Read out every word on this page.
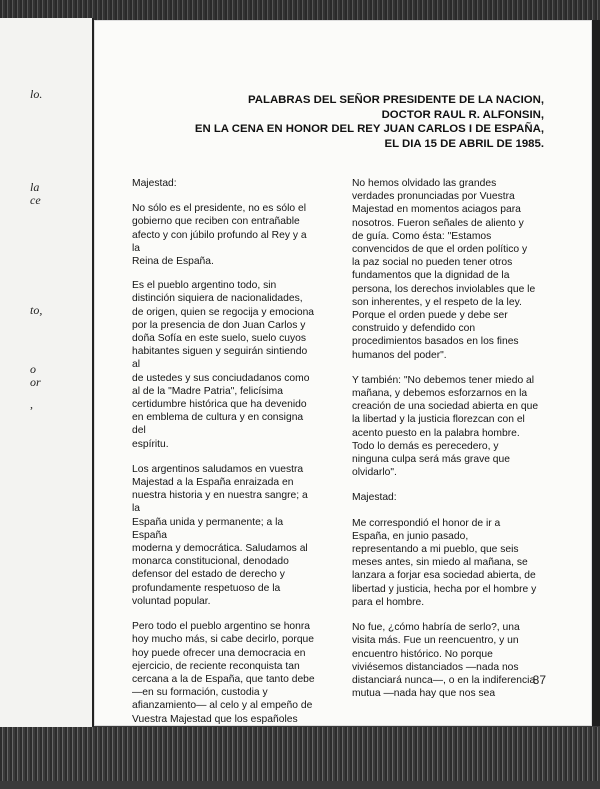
lo.
la
ce
to,
o
or
,
PALABRAS DEL SEÑOR PRESIDENTE DE LA NACION,
DOCTOR RAUL R. ALFONSIN,
EN LA CENA EN HONOR DEL REY JUAN CARLOS I DE ESPAÑA,
EL DIA 15 DE ABRIL DE 1985.

Majestad:

No sólo es el presidente, no es sólo el
gobierno que reciben con entrañable
afecto y con júbilo profundo al Rey y a la
Reina de España.

Es el pueblo argentino todo, sin
distinción siquiera de nacionalidades,
de origen, quien se regocija y emociona
por la presencia de don Juan Carlos y
doña Sofía en este suelo, suelo cuyos
habitantes siguen y seguirán sintiendo al
de ustedes y sus conciudadanos como
al de la "Madre Patria", felicísima
certidumbre histórica que ha devenido
en emblema de cultura y en consigna del
espíritu.

Los argentinos saludamos en vuestra
Majestad a la España enraizada en
nuestra historia y en nuestra sangre; a la
España unida y permanente; a la España
moderna y democrática. Saludamos al
monarca constitucional, denodado
defensor del estado de derecho y
profundamente respetuoso de la
voluntad popular.

Pero todo el pueblo argentino se honra
hoy mucho más, si cabe decirlo, porque
hoy puede ofrecer una democracia en
ejercicio, de reciente reconquista tan
cercana a la de España, que tanto debe
—en su formación, custodia y
afianzamiento— al celo y al empeño de
Vuestra Majestad que los españoles

No hemos olvidado las grandes
verdades pronunciadas por Vuestra
Majestad en momentos aciagos para
nosotros. Fueron señales de aliento y
de guía. Como ésta: "Estamos
convencidos de que el orden político y
la paz social no pueden tener otros
fundamentos que la dignidad de la
persona, los derechos inviolables que le
son inherentes, y el respeto de la ley.
Porque el orden puede y debe ser
construido y defendido con
procedimientos basados en los fines
humanos del poder".

Y también: "No debemos tener miedo al
mañana, y debemos esforzarnos en la
creación de una sociedad abierta en que
la libertad y la justicia florezcan con el
acento puesto en la palabra hombre.
Todo lo demás es perecedero, y
ninguna culpa será más grave que
olvidarlo".

Majestad:

Me correspondió el honor de ir a
España, en junio pasado,
representando a mi pueblo, que seis
meses antes, sin miedo al mañana, se
lanzara a forjar esa sociedad abierta, de
libertad y justicia, hecha por el hombre y
para el hombre.

No fue, ¿cómo habría de serlo?, una
visita más. Fue un reencuentro, y un
encuentro histórico. No porque
viviésemos distanciados —nada nos
distanciará nunca—, o en la indiferencia
mutua —nada hay que nos sea

87
